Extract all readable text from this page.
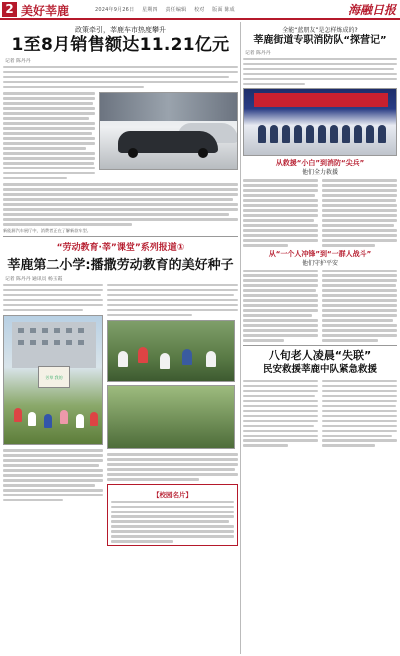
2 美好莘鹿	2024年9月26日 星期四 责任编辑 校对 版面 陈成	海融日报
政策牵引，莘鹿车市热度攀升
1至8月销售额达11.21亿元
记者 陈丹丹
新能源汽车展厅中，消费者正在了解新款车型。
“劳动教育·莘”课堂”系列报道①
莘鹿第二小学:播撒劳动教育的美好种子
记者 陈丹丹 通讯员 杨玉霞
芳草 我的
【校园名片】
全能“蓝朋友”是怎样炼成的?
莘鹿街道专职消防队“探营记”
记者 陈丹丹
从救援“小白”到消防“尖兵”
他们全力救援
从“一个人冲锋”到“一群人战斗”
他们守护平安
八旬老人凌晨“失联”
民安救援莘鹿中队紧急救援
